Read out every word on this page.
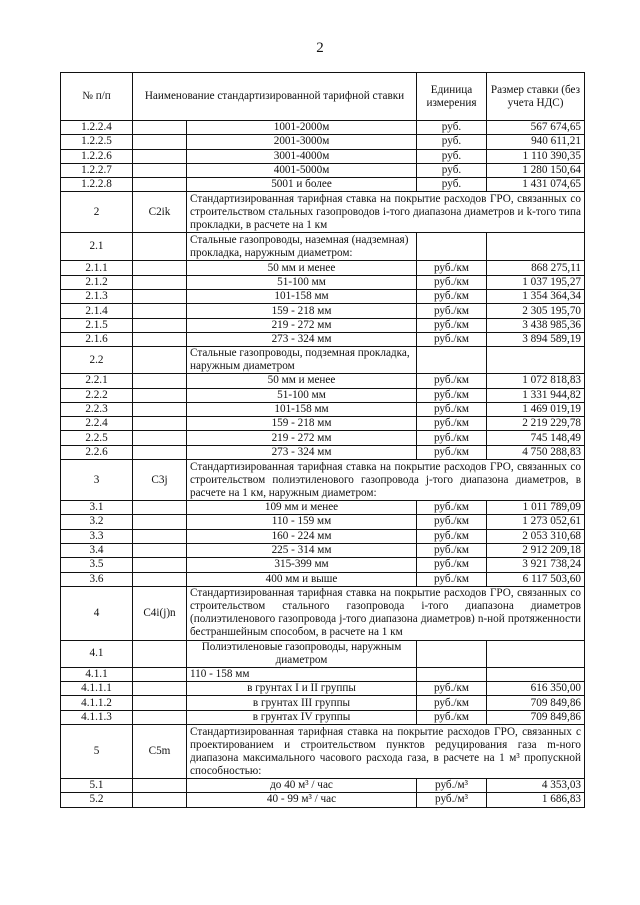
2
№ п/п	Наименование стандартизированной тарифной ставки		Единица измерения	Размер ставки (без учета НДС)
1.2.2.4		1001-2000м	руб.	567 674,65
1.2.2.5		2001-3000м	руб.	940 611,21
1.2.2.6		3001-4000м	руб.	1 110 390,35
1.2.2.7		4001-5000м	руб.	1 280 150,64
1.2.2.8		5001 и более	руб.	1 431 074,65
2	C2ik	Стандартизированная тарифная ставка на покрытие расходов ГРО, связанных со строительством стальных газопроводов i-того диапазона диаметров и k-того типа прокладки, в расчете на 1 км		
2.1		Стальные газопроводы, наземная (надземная) прокладка, наружным диаметром:		
2.1.1		50 мм и менее	руб./км	868 275,11
2.1.2		51-100 мм	руб./км	1 037 195,27
2.1.3		101-158 мм	руб./км	1 354 364,34
2.1.4		159 - 218 мм	руб./км	2 305 195,70
2.1.5		219 - 272 мм	руб./км	3 438 985,36
2.1.6		273 - 324 мм	руб./км	3 894 589,19
2.2		Стальные газопроводы, подземная прокладка, наружным диаметром		
2.2.1		50 мм и менее	руб./км	1 072 818,83
2.2.2		51-100 мм	руб./км	1 331 944,82
2.2.3		101-158 мм	руб./км	1 469 019,19
2.2.4		159 - 218 мм	руб./км	2 219 229,78
2.2.5		219 - 272 мм	руб./км	745 148,49
2.2.6		273 - 324 мм	руб./км	4 750 288,83
3	C3j	Стандартизированная тарифная ставка на покрытие расходов ГРО, связанных со строительством полиэтиленового газопровода j-того диапазона диаметров, в расчете на 1 км, наружным диаметром:		
3.1		109 мм и менее	руб./км	1 011 789,09
3.2		110 - 159 мм	руб./км	1 273 052,61
3.3		160 - 224 мм	руб./км	2 053 310,68
3.4		225 - 314 мм	руб./км	2 912 209,18
3.5		315-399 мм	руб./км	3 921 738,24
3.6		400 мм и выше	руб./км	6 117 503,60
4	C4i(j)n	Стандартизированная тарифная ставка на покрытие расходов ГРО, связанных со строительством стального газопровода i-того диапазона диаметров (полиэтиленового газопровода j-того диапазона диаметров) n-ной протяженности бестраншейным способом, в расчете на 1 км		
4.1		Полиэтиленовые газопроводы, наружным диаметром		
4.1.1		110 - 158 мм		
4.1.1.1		в грунтах I и II группы	руб./км	616 350,00
4.1.1.2		в грунтах III группы	руб./км	709 849,86
4.1.1.3		в грунтах IV группы	руб./км	709 849,86
5	C5m	Стандартизированная тарифная ставка на покрытие расходов ГРО, связанных с проектированием и строительством пунктов редуцирования газа m-ного диапазона максимального часового расхода газа, в расчете на 1 м³ пропускной способностью:		
5.1		до 40 м³ / час	руб./м³	4 353,03
5.2		40 - 99 м³ / час	руб./м³	1 686,83
